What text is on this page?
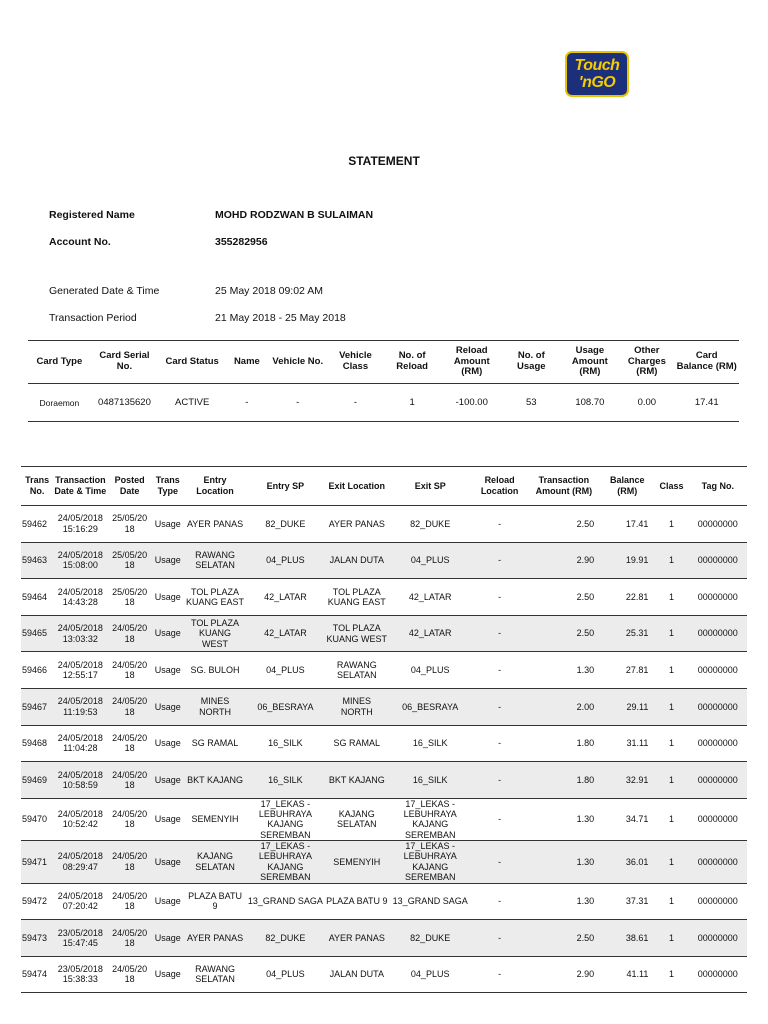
Touch
'nGO
STATEMENT
Registered Name	MOHD RODZWAN B SULAIMAN
Account No.	355282956
Generated Date & Time	25 May 2018 09:02 AM
Transaction Period	21 May 2018 - 25 May 2018
Card Type	Card Serial No.	Card Status	Name	Vehicle No.	Vehicle Class	No. of Reload	Reload Amount (RM)	No. of Usage	Usage Amount (RM)	Other Charges (RM)	Card Balance (RM)
Doraemon	0487135620	ACTIVE	-	-	-	1	-100.00	53	108.70	0.00	17.41
Trans No.	Transaction Date & Time	Posted Date	Trans Type	Entry Location	Entry SP	Exit Location	Exit SP	Reload Location	Transaction Amount (RM)	Balance (RM)	Class	Tag No.
59462	24/05/2018 15:16:29	25/05/20 18	Usage	AYER PANAS	82_DUKE	AYER PANAS	82_DUKE	-	2.50	17.41	1	00000000
59463	24/05/2018 15:08:00	25/05/20 18	Usage	RAWANG SELATAN	04_PLUS	JALAN DUTA	04_PLUS	-	2.90	19.91	1	00000000
59464	24/05/2018 14:43:28	25/05/20 18	Usage	TOL PLAZA KUANG EAST	42_LATAR	TOL PLAZA KUANG EAST	42_LATAR	-	2.50	22.81	1	00000000
59465	24/05/2018 13:03:32	24/05/20 18	Usage	TOL PLAZA KUANG WEST	42_LATAR	TOL PLAZA KUANG WEST	42_LATAR	-	2.50	25.31	1	00000000
59466	24/05/2018 12:55:17	24/05/20 18	Usage	SG. BULOH	04_PLUS	RAWANG SELATAN	04_PLUS	-	1.30	27.81	1	00000000
59467	24/05/2018 11:19:53	24/05/20 18	Usage	MINES NORTH	06_BESRAYA	MINES NORTH	06_BESRAYA	-	2.00	29.11	1	00000000
59468	24/05/2018 11:04:28	24/05/20 18	Usage	SG RAMAL	16_SILK	SG RAMAL	16_SILK	-	1.80	31.11	1	00000000
59469	24/05/2018 10:58:59	24/05/20 18	Usage	BKT KAJANG	16_SILK	BKT KAJANG	16_SILK	-	1.80	32.91	1	00000000
59470	24/05/2018 10:52:42	24/05/20 18	Usage	SEMENYIH	17_LEKAS - LEBUHRAYA KAJANG SEREMBAN	KAJANG SELATAN	17_LEKAS - LEBUHRAYA KAJANG SEREMBAN	-	1.30	34.71	1	00000000
59471	24/05/2018 08:29:47	24/05/20 18	Usage	KAJANG SELATAN	17_LEKAS - LEBUHRAYA KAJANG SEREMBAN	SEMENYIH	17_LEKAS - LEBUHRAYA KAJANG SEREMBAN	-	1.30	36.01	1	00000000
59472	24/05/2018 07:20:42	24/05/20 18	Usage	PLAZA BATU 9	13_GRAND SAGA	PLAZA BATU 9	13_GRAND SAGA	-	1.30	37.31	1	00000000
59473	23/05/2018 15:47:45	24/05/20 18	Usage	AYER PANAS	82_DUKE	AYER PANAS	82_DUKE	-	2.50	38.61	1	00000000
59474	23/05/2018 15:38:33	24/05/20 18	Usage	RAWANG SELATAN	04_PLUS	JALAN DUTA	04_PLUS	-	2.90	41.11	1	00000000
